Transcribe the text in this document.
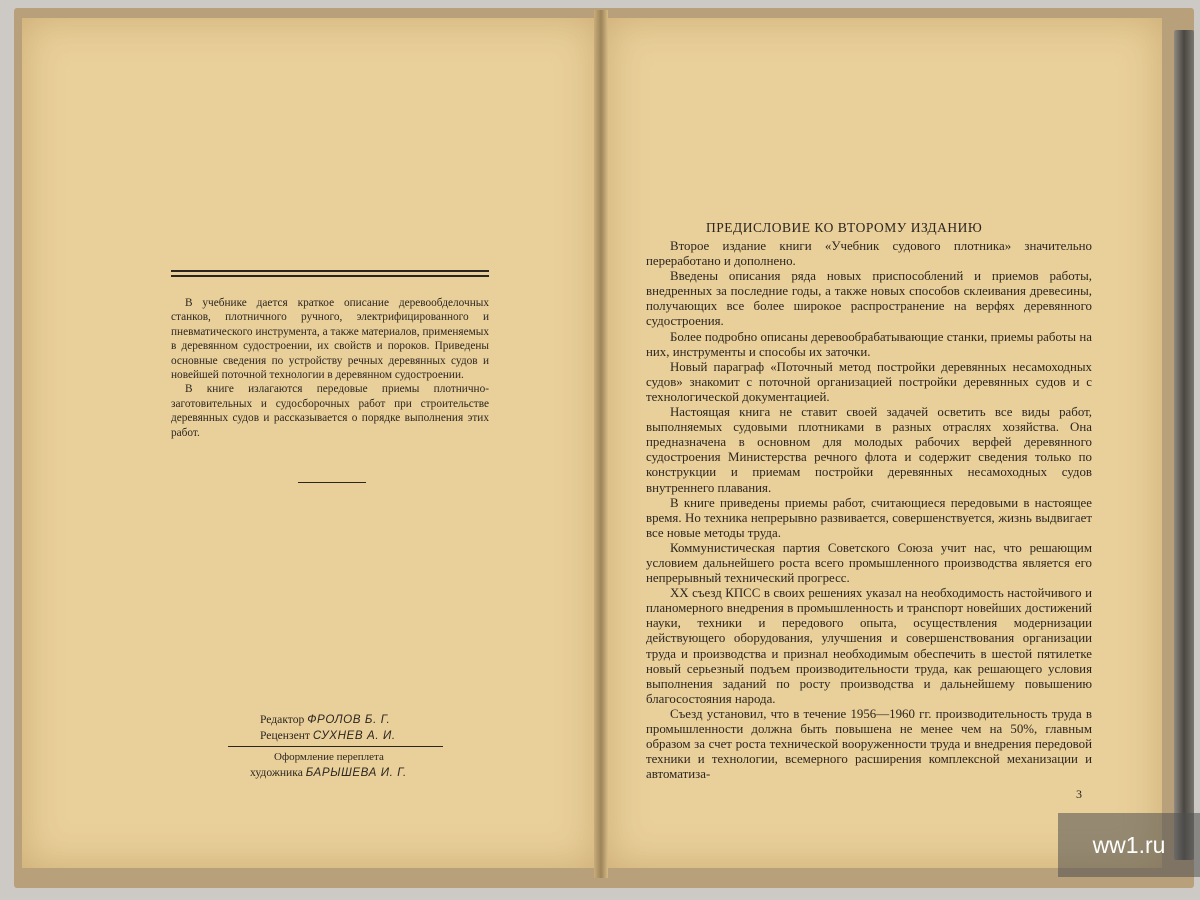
В учебнике дается краткое описание деревообделочных станков, плотничного ручного, электрифицированного и пневматического инструмента, а также материалов, применяемых в деревянном судостроении, их свойств и пороков. Приведены основные сведения по устройству речных деревянных судов и новейшей поточной технологии в деревянном судостроении.

В книге излагаются передовые приемы плотнично-заготовительных и судосборочных работ при строительстве деревянных судов и рассказывается о порядке выполнения этих работ.

Редактор ФРОЛОВ Б. Г.
Рецензент СУХНЕВ А. И.
Оформление переплета
художника БАРЫШЕВА И. Г.
ПРЕДИСЛОВИЕ КО ВТОРОМУ ИЗДАНИЮ

Второе издание книги «Учебник судового плотника» значительно переработано и дополнено.

Введены описания ряда новых приспособлений и приемов работы, внедренных за последние годы, а также новых способов склеивания древесины, получающих все более широкое распространение на верфях деревянного судостроения.

Более подробно описаны деревообрабатывающие станки, приемы работы на них, инструменты и способы их заточки.

Новый параграф «Поточный метод постройки деревянных несамоходных судов» знакомит с поточной организацией постройки деревянных судов и с технологической документацией.

Настоящая книга не ставит своей задачей осветить все виды работ, выполняемых судовыми плотниками в разных отраслях хозяйства. Она предназначена в основном для молодых рабочих верфей деревянного судостроения Министерства речного флота и содержит сведения только по конструкции и приемам постройки деревянных несамоходных судов внутреннего плавания.

В книге приведены приемы работ, считающиеся передовыми в настоящее время. Но техника непрерывно развивается, совершенствуется, жизнь выдвигает все новые методы труда.

Коммунистическая партия Советского Союза учит нас, что решающим условием дальнейшего роста всего промышленного производства является его непрерывный технический прогресс.

XX съезд КПСС в своих решениях указал на необходимость настойчивого и планомерного внедрения в промышленность и транспорт новейших достижений науки, техники и передового опыта, осуществления модернизации действующего оборудования, улучшения и совершенствования организации труда и производства и признал необходимым обеспечить в шестой пятилетке новый серьезный подъем производительности труда, как решающего условия выполнения заданий по росту производства и дальнейшему повышению благосостояния народа.

Съезд установил, что в течение 1956—1960 гг. производительность труда в промышленности должна быть повышена не менее чем на 50%, главным образом за счет роста технической вооруженности труда и внедрения передовой техники и технологии, всемерного расширения комплексной механизации и автоматиза-

3
ww1.ru
